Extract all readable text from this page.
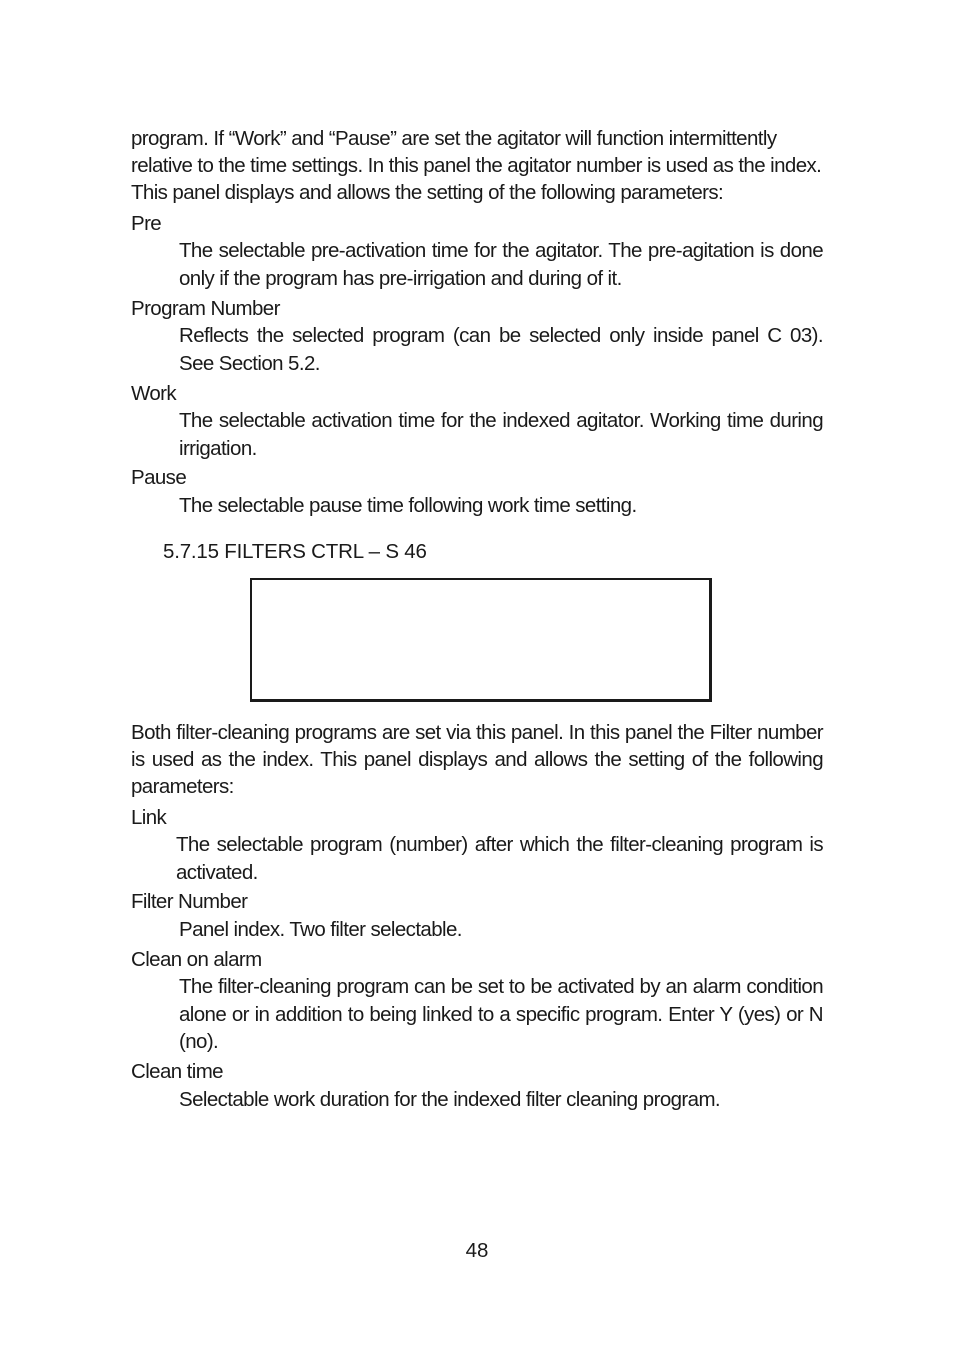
program. If “Work” and “Pause” are set the agitator will function intermittently
relative to the time settings. In this panel the agitator number is used as the index.
This panel displays and allows the setting of the following parameters:
Pre
The selectable pre-activation time for the agitator. The pre-agitation is done only if the program has pre-irrigation and during of it.
Program Number
Reflects the selected program (can be selected only inside panel C 03). See Section 5.2.
Work
The selectable activation time for the indexed agitator. Working time during irrigation.
Pause
The selectable pause time following work time setting.
5.7.15 FILTERS CTRL – S 46
Both filter-cleaning programs are set via this panel. In this panel the Filter number is used as the index. This panel displays and allows the setting of the following parameters:
Link
The selectable program (number) after which the filter-cleaning program is activated.
Filter Number
Panel index. Two filter selectable.
Clean on alarm
The filter-cleaning program can be set to be activated by an alarm condition alone or in addition to being linked to a specific program. Enter Y (yes) or N (no).
Clean time
Selectable work duration for the indexed filter cleaning program.
48
